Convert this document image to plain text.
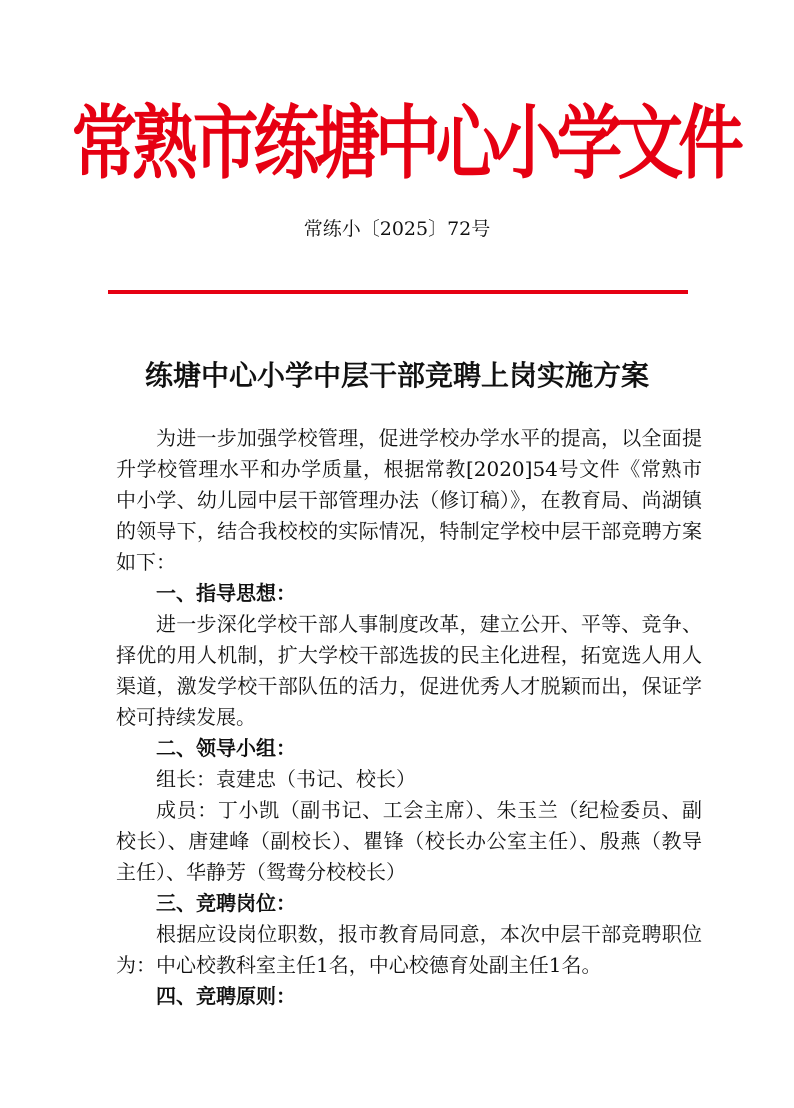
常熟市练塘中心小学文件
常练小〔2025〕72号
练塘中心小学中层干部竞聘上岗实施方案

为进一步加强学校管理，促进学校办学水平的提高，以全面提升学校管理水平和办学质量，根据常教[2020]54号文件《常熟市中小学、幼儿园中层干部管理办法（修订稿）》，在教育局、尚湖镇的领导下，结合我校校的实际情况，特制定学校中层干部竞聘方案如下：

一、指导思想：

进一步深化学校干部人事制度改革，建立公开、平等、竞争、择优的用人机制，扩大学校干部选拔的民主化进程，拓宽选人用人渠道，激发学校干部队伍的活力，促进优秀人才脱颖而出，保证学校可持续发展。

二、领导小组：

组长：袁建忠（书记、校长）

成员：丁小凯（副书记、工会主席）、朱玉兰（纪检委员、副校长）、唐建峰（副校长）、瞿锋（校长办公室主任）、殷燕（教导主任）、华静芳（鸳鸯分校校长）

三、竞聘岗位：

根据应设岗位职数，报市教育局同意，本次中层干部竞聘职位为：中心校教科室主任1名，中心校德育处副主任1名。

四、竞聘原则：
